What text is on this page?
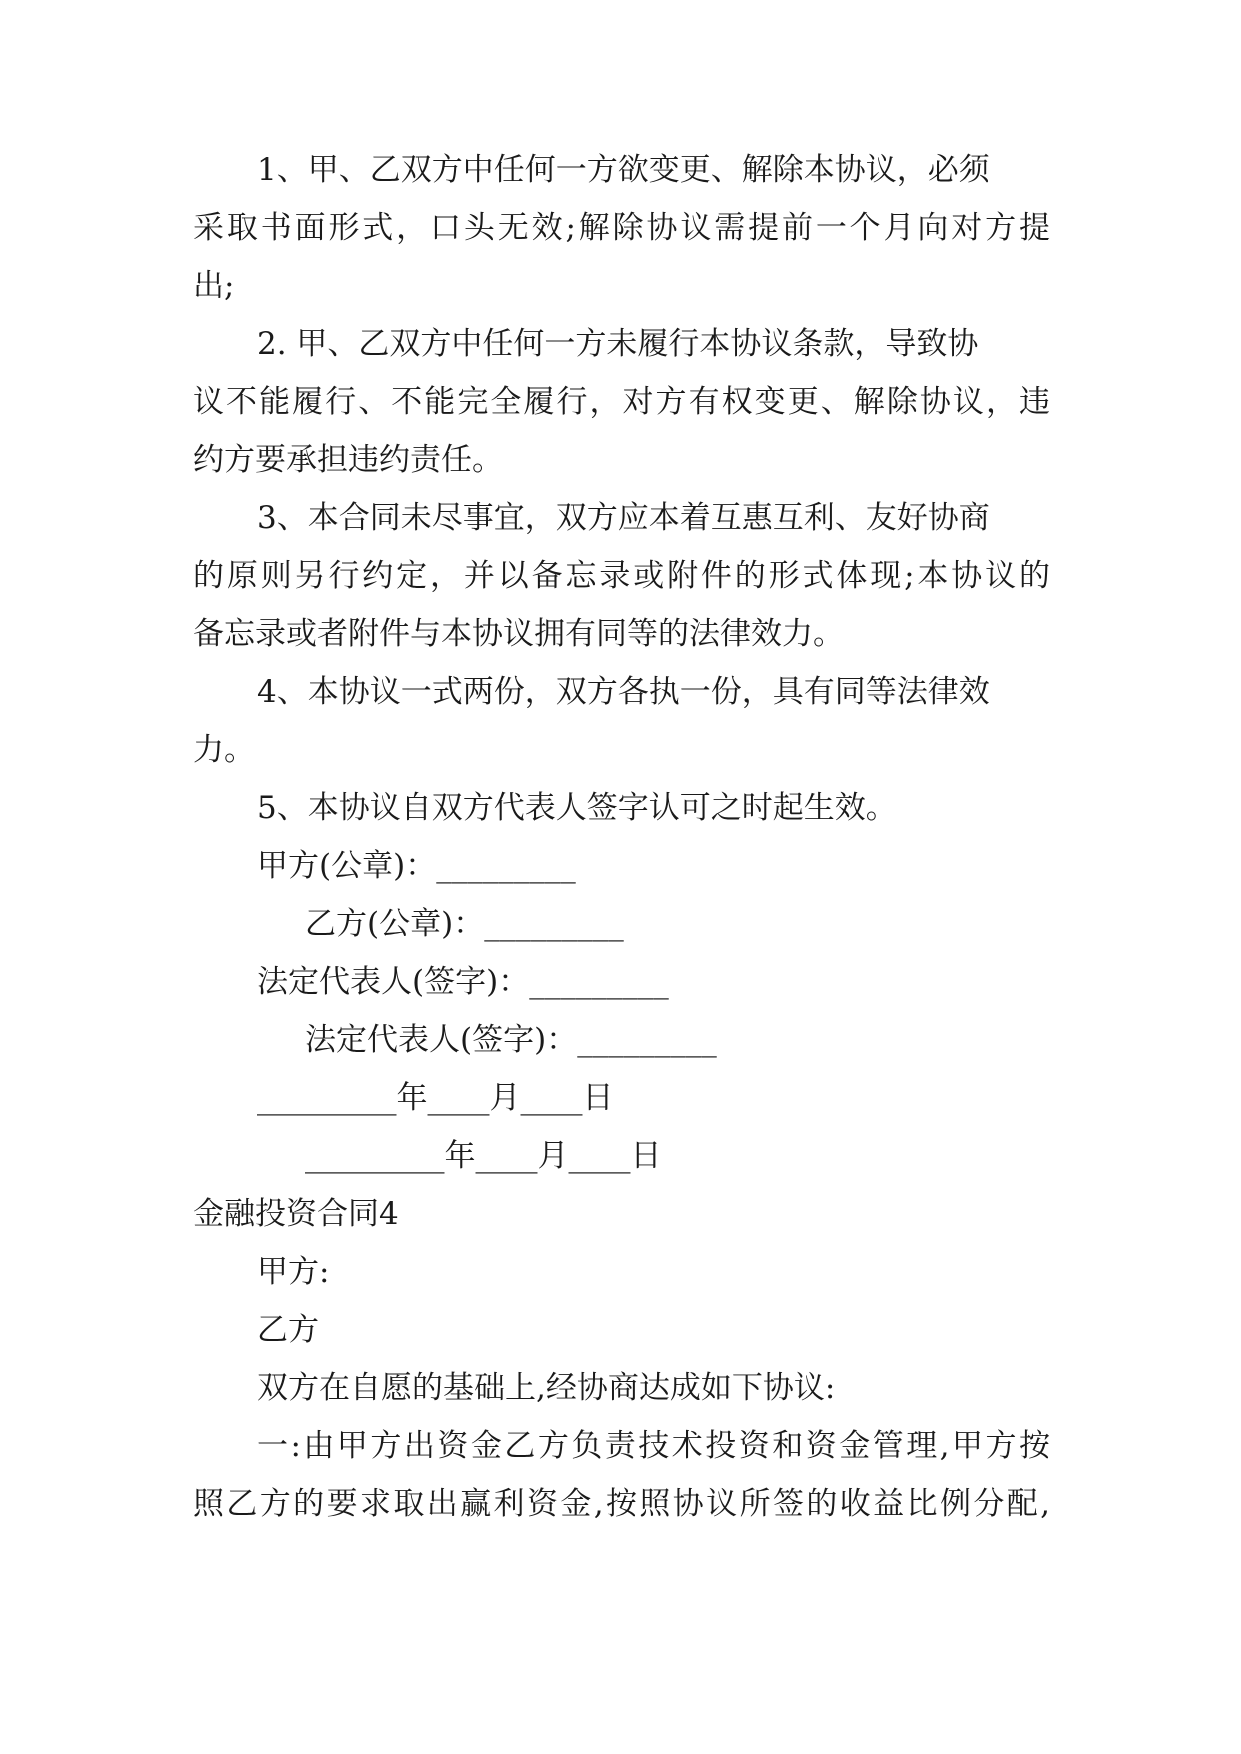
1、甲、乙双方中任何一方欲变更、解除本协议，必须
采取书面形式，口头无效;解除协议需提前一个月向对方提
出;
2. 甲、乙双方中任何一方未履行本协议条款，导致协
议不能履行、不能完全履行，对方有权变更、解除协议，违
约方要承担违约责任。
3、本合同未尽事宜，双方应本着互惠互利、友好协商
的原则另行约定，并以备忘录或附件的形式体现;本协议的
备忘录或者附件与本协议拥有同等的法律效力。
4、本协议一式两份，双方各执一份，具有同等法律效
力。
5、本协议自双方代表人签字认可之时起生效。
甲方(公章)：_________
乙方(公章)：_________
法定代表人(签字)：_________
法定代表人(签字)：_________
_________年____月____日
_________年____月____日
金融投资合同4
甲方:
乙方
双方在自愿的基础上,经协商达成如下协议:
一:由甲方出资金乙方负责技术投资和资金管理,甲方按
照乙方的要求取出赢利资金,按照协议所签的收益比例分配,
